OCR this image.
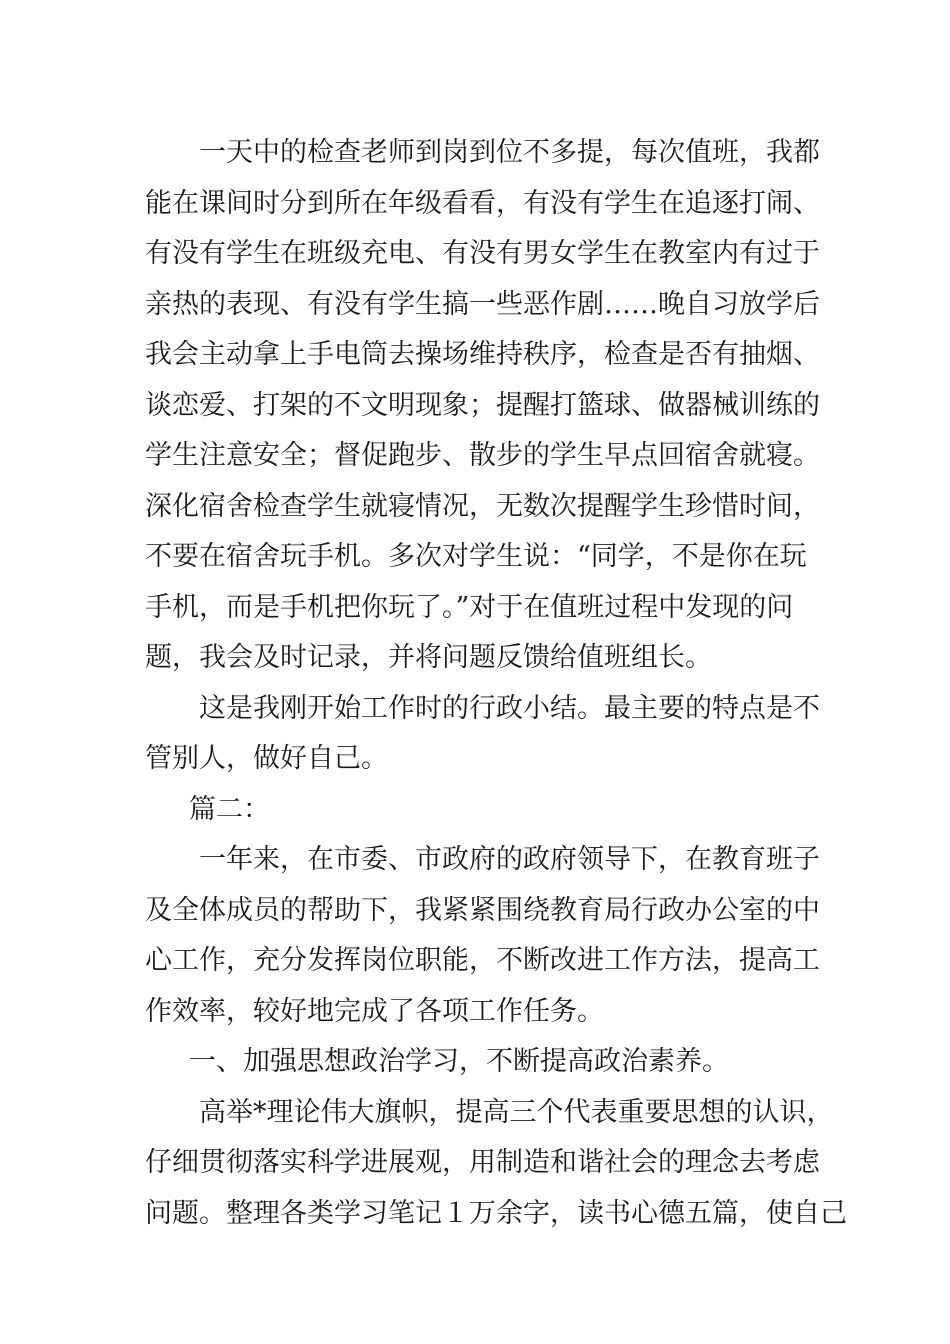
一天中的检查老师到岗到位不多提，每次值班，我都
能在课间时分到所在年级看看，有没有学生在追逐打闹、
有没有学生在班级充电、有没有男女学生在教室内有过于
亲热的表现、有没有学生搞一些恶作剧……晚自习放学后
我会主动拿上手电筒去操场维持秩序，检查是否有抽烟、
谈恋爱、打架的不文明现象；提醒打篮球、做器械训练的
学生注意安全；督促跑步、散步的学生早点回宿舍就寝。
深化宿舍检查学生就寝情况，无数次提醒学生珍惜时间，
不要在宿舍玩手机。多次对学生说：“同学，不是你在玩
手机，而是手机把你玩了。”对于在值班过程中发现的问
题，我会及时记录，并将问题反馈给值班组长。
这是我刚开始工作时的行政小结。最主要的特点是不
管别人，做好自己。
篇二：
一年来，在市委、市政府的政府领导下，在教育班子
及全体成员的帮助下，我紧紧围绕教育局行政办公室的中
心工作，充分发挥岗位职能，不断改进工作方法，提高工
作效率，较好地完成了各项工作任务。
一、加强思想政治学习，不断提高政治素养。
高举*理论伟大旗帜，提高三个代表重要思想的认识，
仔细贯彻落实科学进展观，用制造和谐社会的理念去考虑
问题。整理各类学习笔记１万余字，读书心德五篇，使自己
